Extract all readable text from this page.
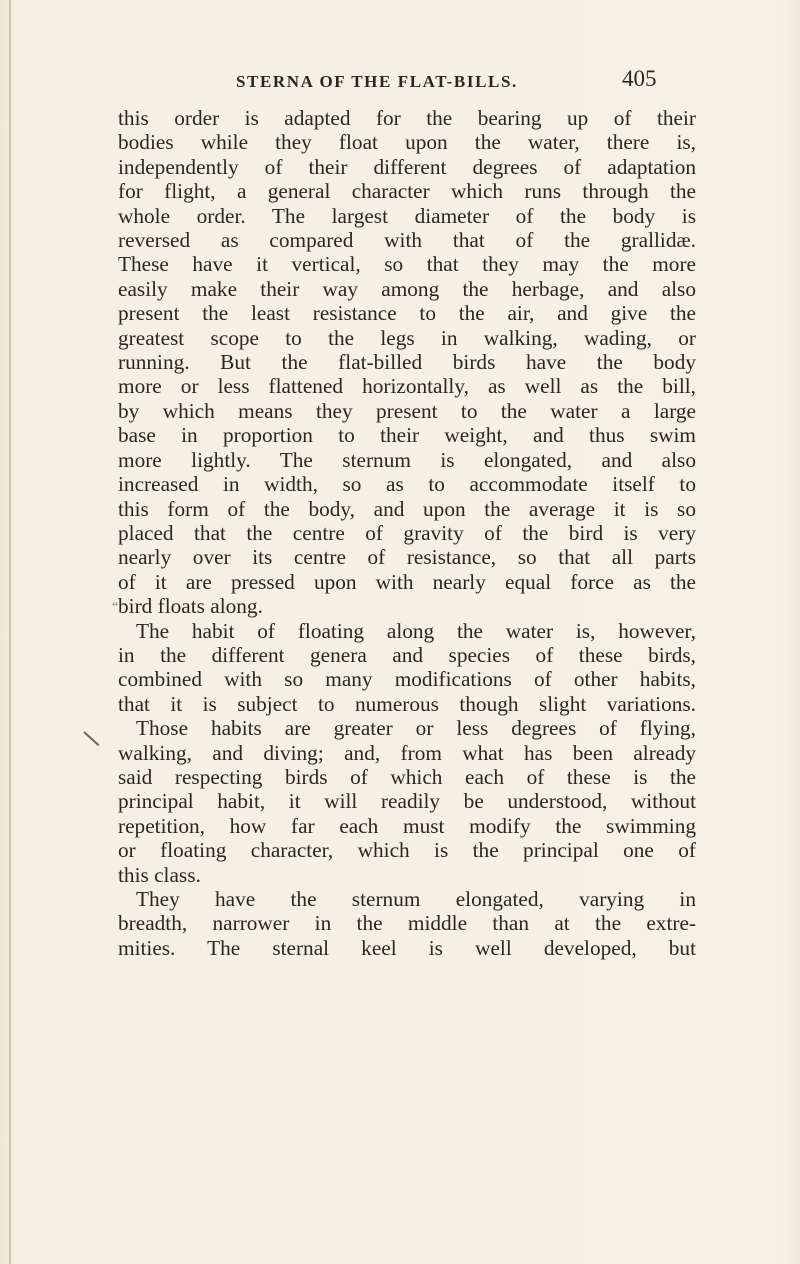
STERNA OF THE FLAT-BILLS.	405
“
this order is adapted for the bearing up of their
bodies while they float upon the water, there is,
independently of their different degrees of adaptation
for flight, a general character which runs through the
whole order. The largest diameter of the body is
reversed as compared with that of the grallidæ.
These have it vertical, so that they may the more
easily make their way among the herbage, and also
present the least resistance to the air, and give the
greatest scope to the legs in walking, wading, or
running. But the flat-billed birds have the body
more or less flattened horizontally, as well as the bill,
by which means they present to the water a large
base in proportion to their weight, and thus swim
more lightly. The sternum is elongated, and also
increased in width, so as to accommodate itself to
this form of the body, and upon the average it is so
placed that the centre of gravity of the bird is very
nearly over its centre of resistance, so that all parts
of it are pressed upon with nearly equal force as the
bird floats along.
The habit of floating along the water is, however,
in the different genera and species of these birds,
combined with so many modifications of other habits,
that it is subject to numerous though slight variations.
Those habits are greater or less degrees of flying,
walking, and diving; and, from what has been already
said respecting birds of which each of these is the
principal habit, it will readily be understood, without
repetition, how far each must modify the swimming
or floating character, which is the principal one of
this class.
They have the sternum elongated, varying in
breadth, narrower in the middle than at the extre-
mities. The sternal keel is well developed, but
